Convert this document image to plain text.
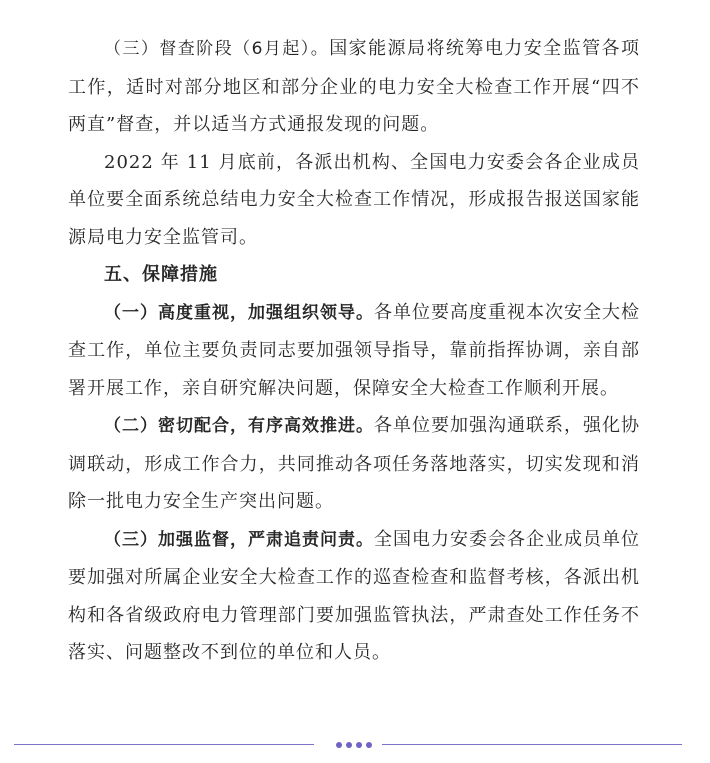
（三）督查阶段（6月起）。国家能源局将统筹电力安全监管各项工作，适时对部分地区和部分企业的电力安全大检查工作开展“四不两直”督查，并以适当方式通报发现的问题。

2022 年 11 月底前，各派出机构、全国电力安委会各企业成员单位要全面系统总结电力安全大检查工作情况，形成报告报送国家能源局电力安全监管司。

五、保障措施

（一）高度重视，加强组织领导。各单位要高度重视本次安全大检查工作，单位主要负责同志要加强领导指导，靠前指挥协调，亲自部署开展工作，亲自研究解决问题，保障安全大检查工作顺利开展。

（二）密切配合，有序高效推进。各单位要加强沟通联系，强化协调联动，形成工作合力，共同推动各项任务落地落实，切实发现和消除一批电力安全生产突出问题。

（三）加强监督，严肃追责问责。全国电力安委会各企业成员单位要加强对所属企业安全大检查工作的巡查检查和监督考核，各派出机构和各省级政府电力管理部门要加强监管执法，严肃查处工作任务不落实、问题整改不到位的单位和人员。
